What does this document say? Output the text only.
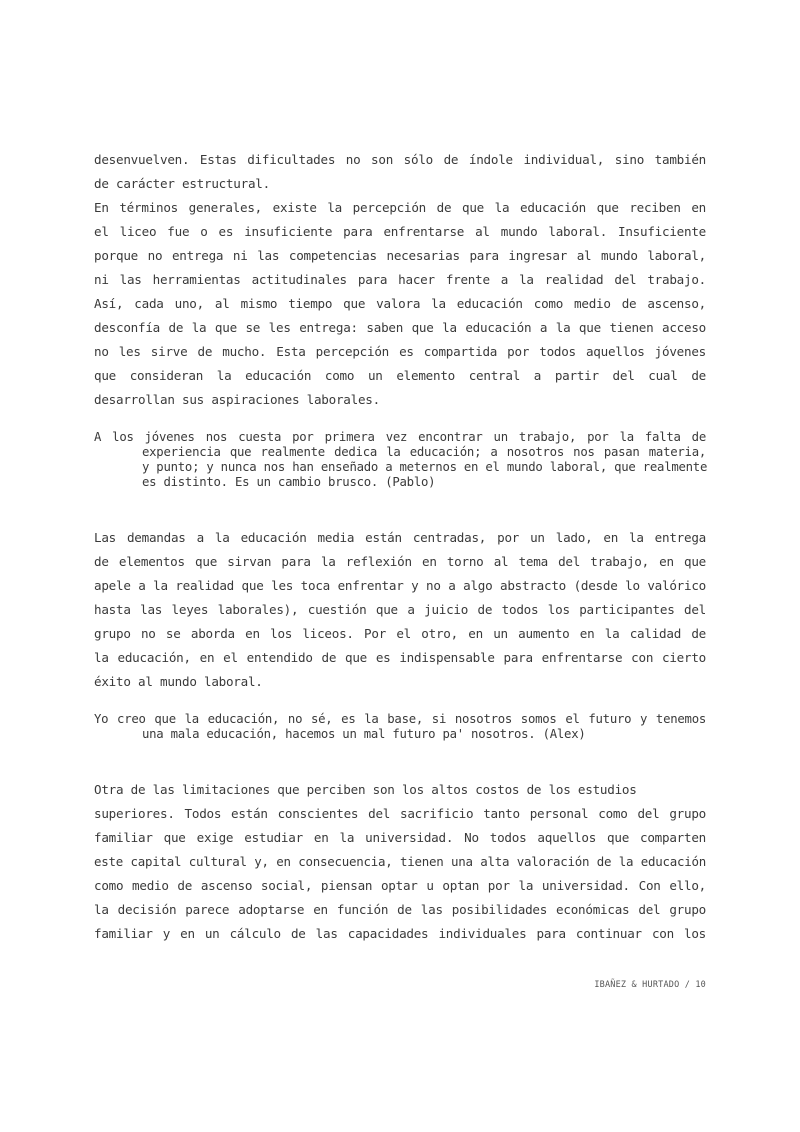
desenvuelven. Estas dificultades no son sólo de índole individual, sino también
de carácter estructural.
En términos generales, existe la percepción de que la educación que reciben en
el liceo fue o es insuficiente para enfrentarse al mundo laboral. Insuficiente
porque no entrega ni las competencias necesarias para ingresar al mundo laboral,
ni las herramientas actitudinales para hacer frente a la realidad del trabajo.
Así, cada uno, al mismo tiempo que valora la educación como medio de ascenso,
desconfía de la que se les entrega: saben que la educación a la que tienen acceso
no les sirve de mucho. Esta percepción es compartida por todos aquellos jóvenes
que consideran la educación como un elemento central a partir del cual de
desarrollan sus aspiraciones laborales.
A los jóvenes nos cuesta por primera vez encontrar un trabajo, por la falta de
experiencia que realmente dedica la educación; a nosotros nos pasan materia,
y punto; y nunca nos han enseñado a meternos en el mundo laboral, que realmente
es distinto. Es un cambio brusco. (Pablo)
Las demandas a la educación media están centradas, por un lado, en la entrega
de elementos que sirvan para la reflexión en torno al tema del trabajo, en que
apele a la realidad que les toca enfrentar y no a algo abstracto (desde lo valórico
hasta las leyes laborales), cuestión que a juicio de todos los participantes del
grupo no se aborda en los liceos. Por el otro, en un aumento en la calidad de
la educación, en el entendido de que es indispensable para enfrentarse con cierto
éxito al mundo laboral.
Yo creo que la educación, no sé, es la base, si nosotros somos el futuro y tenemos
una mala educación, hacemos un mal futuro pa' nosotros. (Alex)
Otra de las limitaciones que perciben son los altos costos de los estudios
superiores. Todos están conscientes del sacrificio tanto personal como del grupo
familiar que exige estudiar en la universidad. No todos aquellos que comparten
este capital cultural y, en consecuencia, tienen una alta valoración de la educación
como medio de ascenso social, piensan optar u optan por la universidad. Con ello,
la decisión parece adoptarse en función de las posibilidades económicas del grupo
familiar y en un cálculo de las capacidades individuales para continuar con los
IBAÑEZ & HURTADO / 10
